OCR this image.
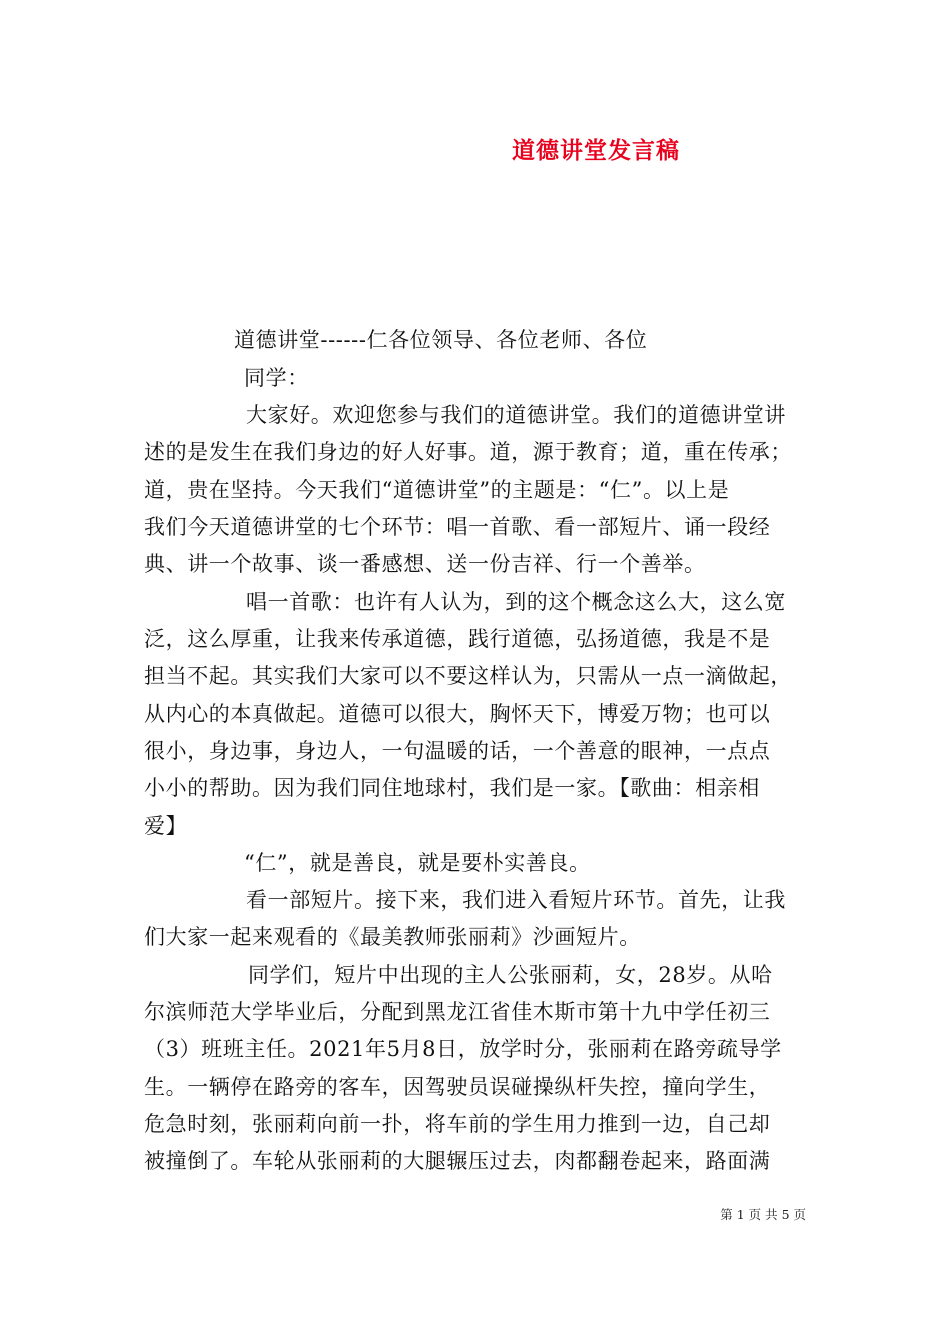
道德讲堂发言稿
道德讲堂------仁各位领导、各位老师、各位
同学：
大家好。欢迎您参与我们的道德讲堂。我们的道德讲堂讲
述的是发生在我们身边的好人好事。道，源于教育；道，重在传承；
道，贵在坚持。今天我们“道德讲堂”的主题是：“仁”。以上是
我们今天道德讲堂的七个环节：唱一首歌、看一部短片、诵一段经
典、讲一个故事、谈一番感想、送一份吉祥、行一个善举。
唱一首歌：也许有人认为，到的这个概念这么大，这么宽
泛，这么厚重，让我来传承道德，践行道德，弘扬道德，我是不是
担当不起。其实我们大家可以不要这样认为，只需从一点一滴做起，
从内心的本真做起。道德可以很大，胸怀天下，博爱万物；也可以
很小，身边事，身边人，一句温暖的话，一个善意的眼神，一点点
小小的帮助。因为我们同住地球村，我们是一家。【歌曲：相亲相
爱】
“仁”，就是善良，就是要朴实善良。
看一部短片。接下来，我们进入看短片环节。首先，让我
们大家一起来观看的《最美教师张丽莉》沙画短片。
同学们，短片中出现的主人公张丽莉，女，28岁。从哈
尔滨师范大学毕业后，分配到黑龙江省佳木斯市第十九中学任初三
（3）班班主任。2021年5月8日，放学时分，张丽莉在路旁疏导学
生。一辆停在路旁的客车，因驾驶员误碰操纵杆失控，撞向学生，
危急时刻，张丽莉向前一扑，将车前的学生用力推到一边，自己却
被撞倒了。车轮从张丽莉的大腿辗压过去，肉都翻卷起来，路面满
第 1 页 共 5 页
